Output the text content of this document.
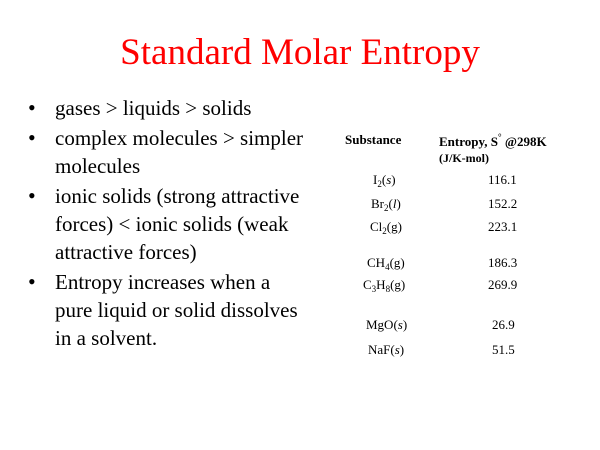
Standard Molar Entropy
• gases > liquids > solids
• complex molecules > simpler molecules
• ionic solids (strong attractive forces) < ionic solids (weak attractive forces)
• Entropy increases when a pure liquid or solid dissolves in a solvent.
Substance	Entropy, S° @298K
(J/K-mol)
$I_2(s)$	116.1
$Br_2(l)$	152.2
$Cl_2(g)$	223.1
$CH_4(g)$	186.3
$C_3H_8(g)$	269.9
MgO(s)	26.9
NaF(s)	51.5
